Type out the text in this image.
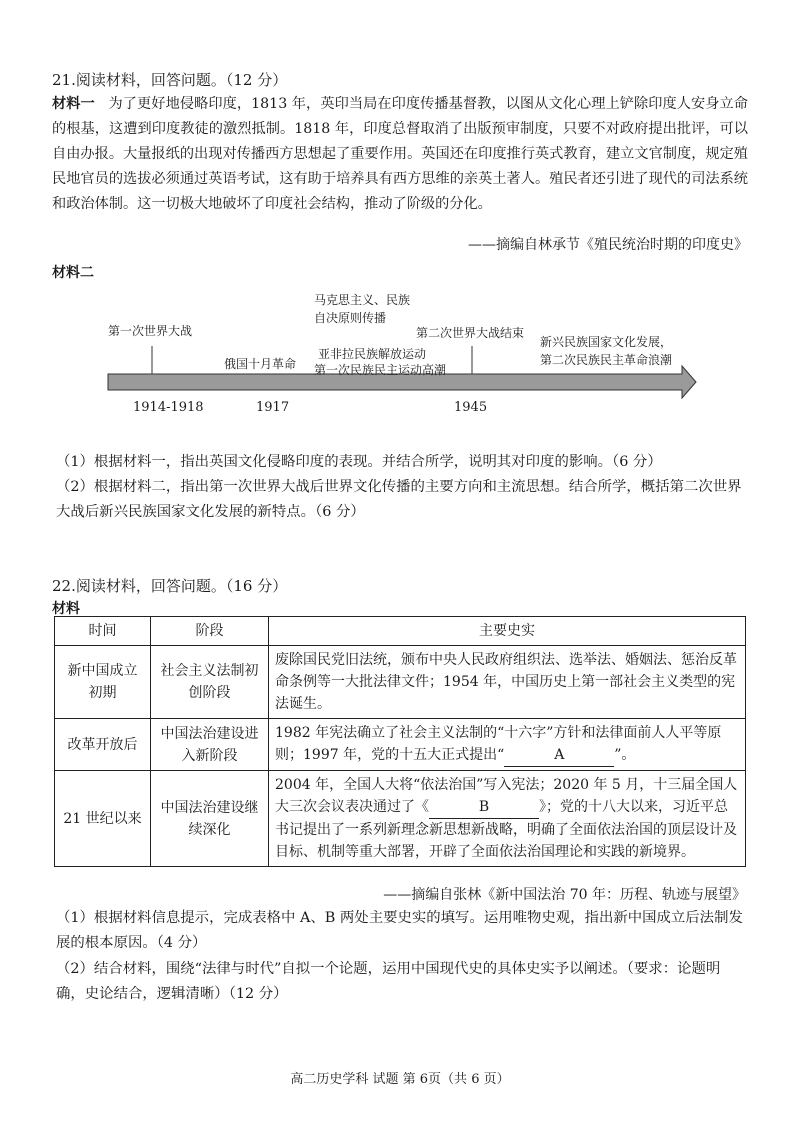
21.阅读材料，回答问题。（12 分）
材料一 为了更好地侵略印度，1813 年，英印当局在印度传播基督教，以图从文化心理上铲除印度人安身立命的根基，这遭到印度教徒的激烈抵制。1818 年，印度总督取消了出版预审制度，只要不对政府提出批评，可以自由办报。大量报纸的出现对传播西方思想起了重要作用。英国还在印度推行英式教育，建立文官制度，规定殖民地官员的选拔必须通过英语考试，这有助于培养具有西方思维的亲英土著人。殖民者还引进了现代的司法系统和政治体制。这一切极大地破坏了印度社会结构，推动了阶级的分化。
——摘编自林承节《殖民统治时期的印度史》
材料二
第一次世界大战
俄国十月革命
马克思主义、民族
自决原则传播
亚非拉民族解放运动
第一次民族民主运动高潮
第二次世界大战结束
新兴民族国家文化发展，
第二次民族民主革命浪潮
1914-1918	1917	1945
（1）根据材料一，指出英国文化侵略印度的表现。并结合所学，说明其对印度的影响。（6 分）
（2）根据材料二，指出第一次世界大战后世界文化传播的主要方向和主流思想。结合所学，概括第二次世界大战后新兴民族国家文化发展的新特点。（6 分）
22.阅读材料，回答问题。（16 分）
材料
时间	阶段	主要史实
新中国成立初期	社会主义法制初创阶段	废除国民党旧法统，颁布中央人民政府组织法、选举法、婚姻法、惩治反革命条例等一大批法律文件；1954 年，中国历史上第一部社会主义类型的宪法诞生。
改革开放后	中国法治建设进入新阶段	1982 年宪法确立了社会主义法制的“十六字”方针和法律面前人人平等原则；1997 年，党的十五大正式提出“ A ”。
21 世纪以来	中国法治建设继续深化	2004 年，全国人大将“依法治国”写入宪法；2020 年 5 月，十三届全国人大三次会议表决通过了《 B 》；党的十八大以来，习近平总书记提出了一系列新理念新思想新战略，明确了全面依法治国的顶层设计及目标、机制等重大部署，开辟了全面依法治国理论和实践的新境界。
——摘编自张林《新中国法治 70 年：历程、轨迹与展望》
（1）根据材料信息提示，完成表格中 A、B 两处主要史实的填写。运用唯物史观，指出新中国成立后法制发展的根本原因。（4 分）
（2）结合材料，围绕“法律与时代”自拟一个论题，运用中国现代史的具体史实予以阐述。（要求：论题明确，史论结合，逻辑清晰）（12 分）
高二历史学科 试题 第 6页（共 6 页）
